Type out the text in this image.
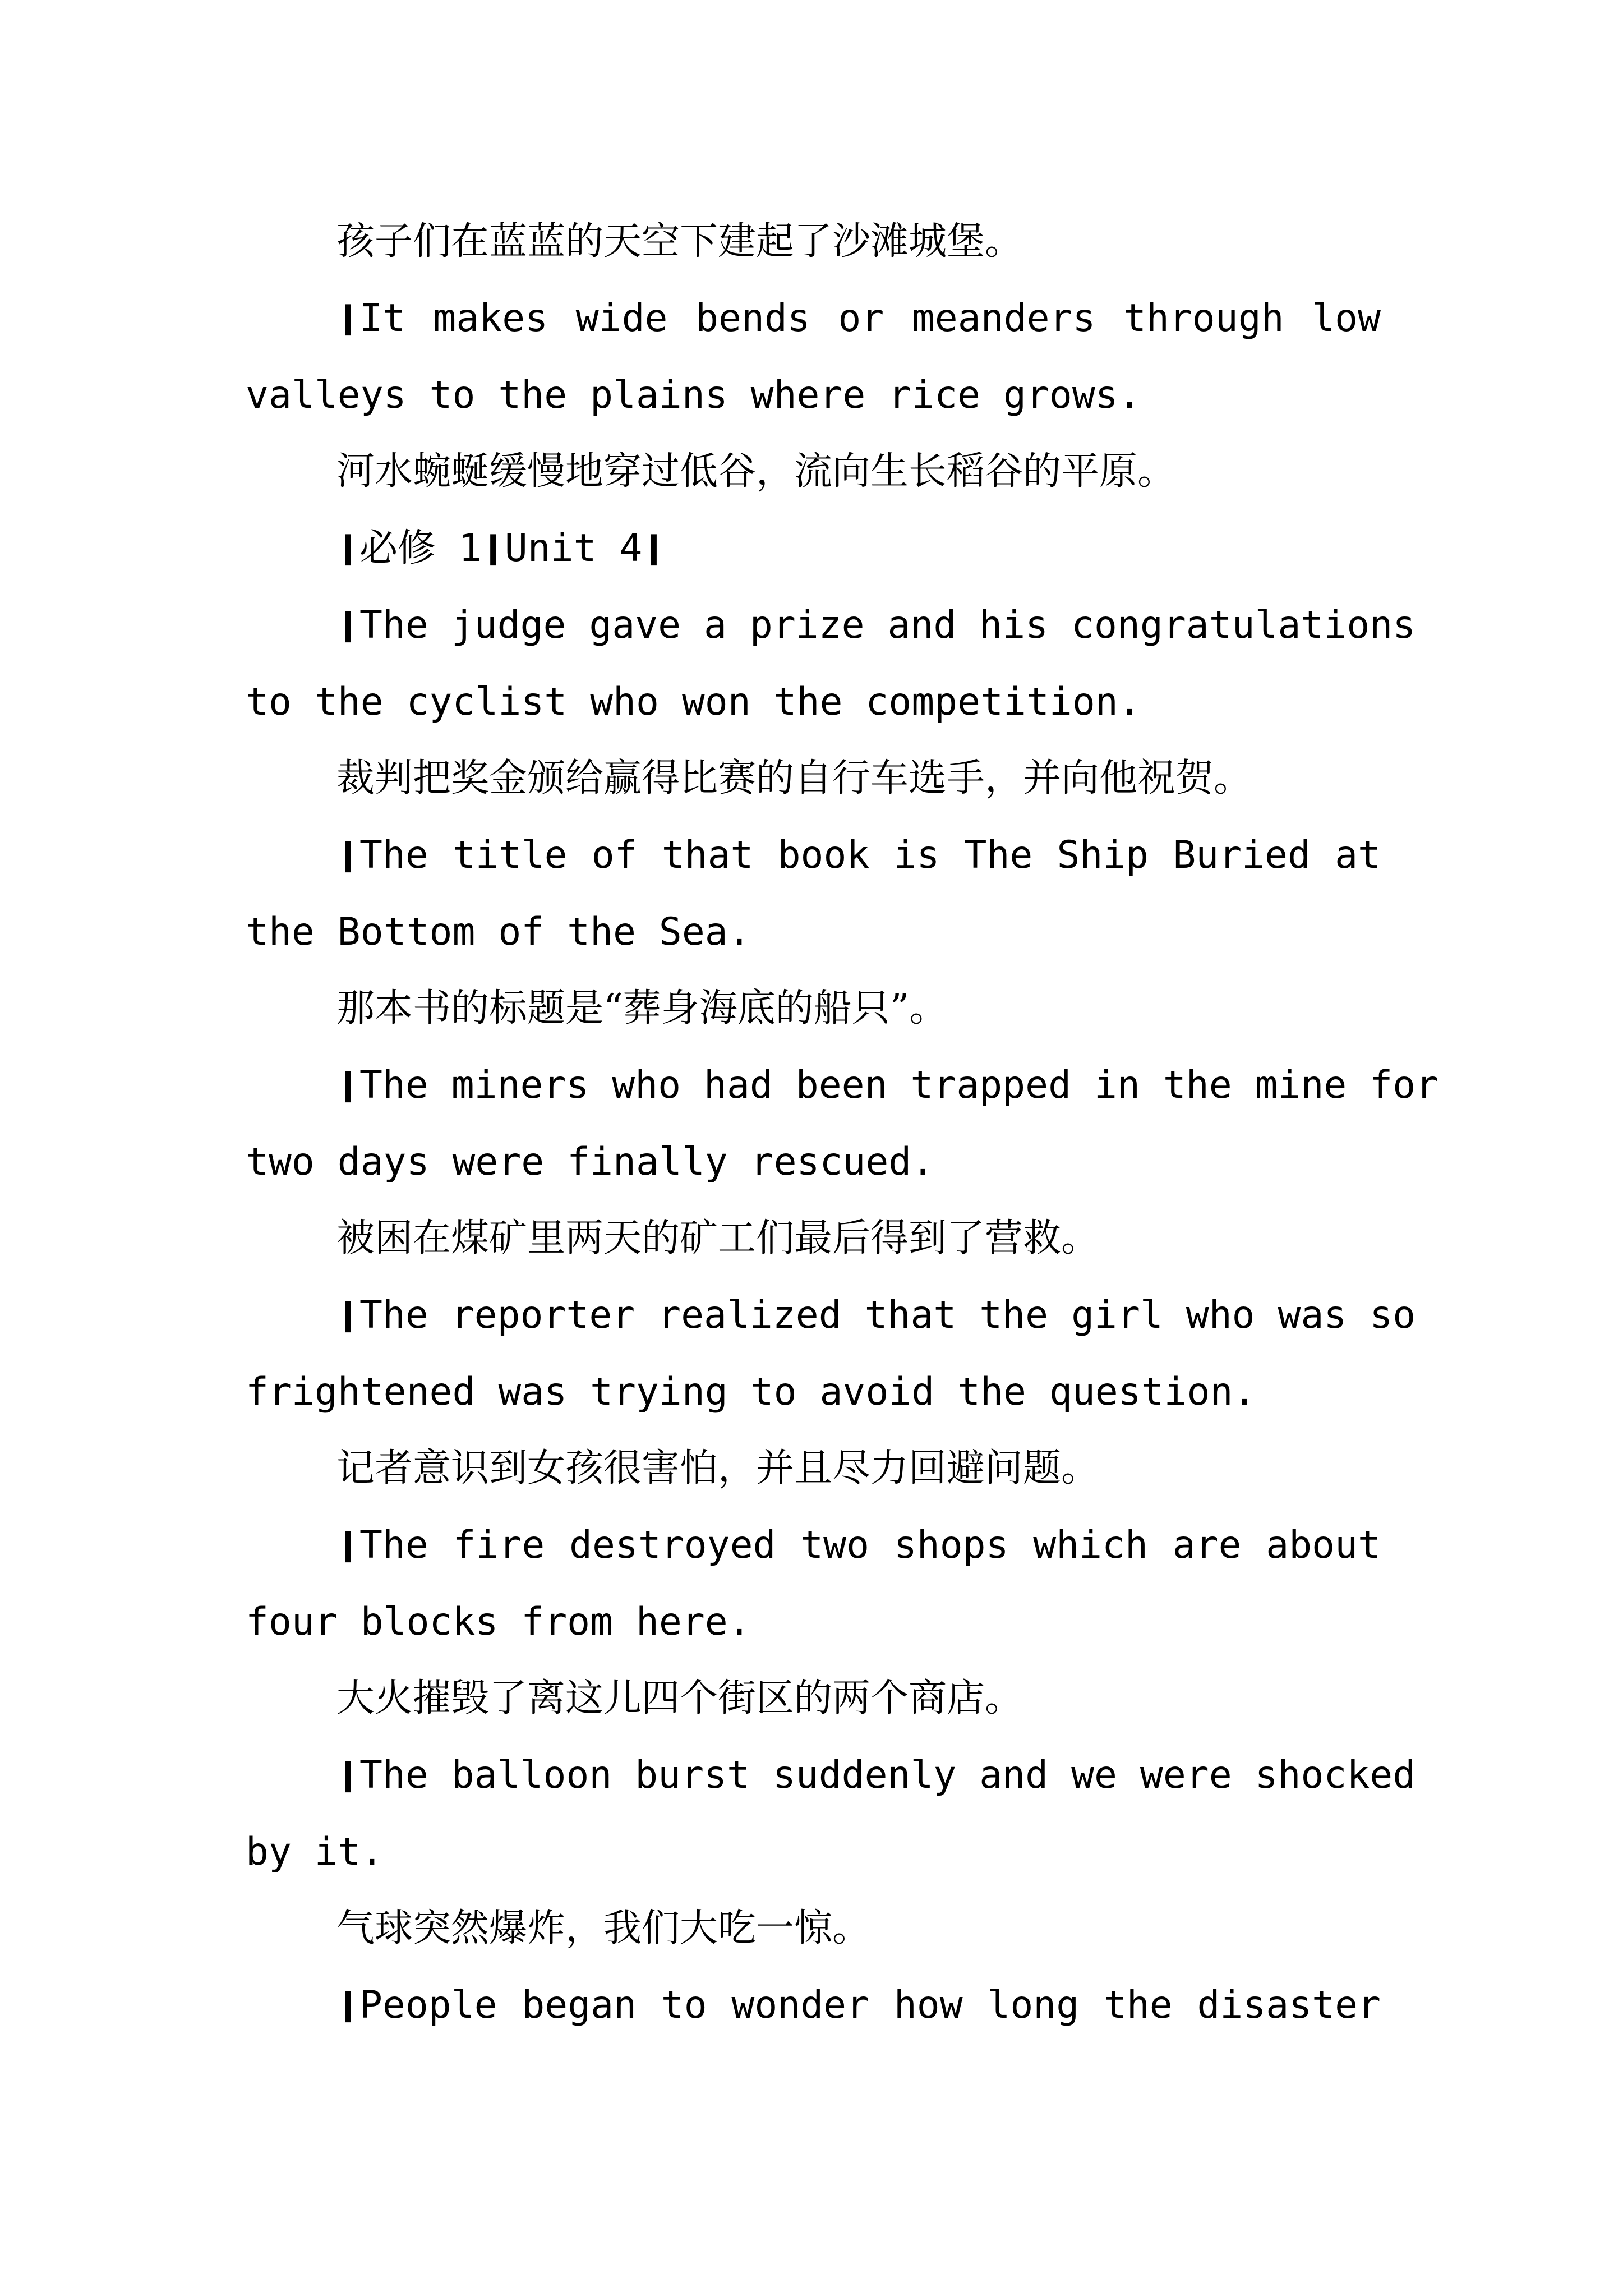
孩子们在蓝蓝的天空下建起了沙滩城堡。

❙It makes wide bends or meanders through low

valleys to the plains where rice grows.

河水蜿蜒缓慢地穿过低谷，流向生长稻谷的平原。

❙必修 1❙Unit 4❙

❙The judge gave a prize and his congratulations

to the cyclist who won the competition.

裁判把奖金颁给赢得比赛的自行车选手，并向他祝贺。

❙The title of that book is The Ship Buried at

the Bottom of the Sea.

那本书的标题是“葬身海底的船只”。

❙The miners who had been trapped in the mine for

two days were finally rescued.

被困在煤矿里两天的矿工们最后得到了营救。

❙The reporter realized that the girl who was so

frightened was trying to avoid the question.

记者意识到女孩很害怕，并且尽力回避问题。

❙The fire destroyed two shops which are about

four blocks from here.

大火摧毁了离这儿四个街区的两个商店。

❙The balloon burst suddenly and we were shocked

by it.

气球突然爆炸，我们大吃一惊。

❙People began to wonder how long the disaster
